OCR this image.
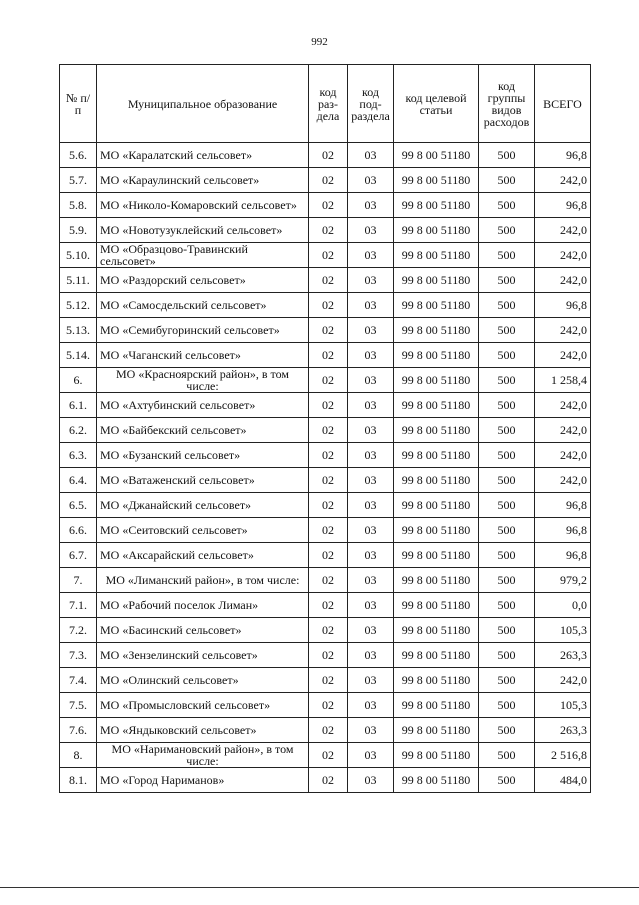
992
№ п/п	Муниципальное образование	код раз-дела	код под-раздела	код целевой статьи	код группы видов расходов	ВСЕГО
5.6.	МО «Каралатский сельсовет»	02	03	99 8 00 51180	500	96,8
5.7.	МО «Караулинский сельсовет»	02	03	99 8 00 51180	500	242,0
5.8.	МО «Николо-Комаровский сельсовет»	02	03	99 8 00 51180	500	96,8
5.9.	МО «Новотузуклейский сельсовет»	02	03	99 8 00 51180	500	242,0
5.10.	МО «Образцово-Травинский сельсовет»	02	03	99 8 00 51180	500	242,0
5.11.	МО «Раздорский сельсовет»	02	03	99 8 00 51180	500	242,0
5.12.	МО «Самосдельский сельсовет»	02	03	99 8 00 51180	500	96,8
5.13.	МО «Семибугоринский сельсовет»	02	03	99 8 00 51180	500	242,0
5.14.	МО «Чаганский сельсовет»	02	03	99 8 00 51180	500	242,0
6.	МО «Красноярский район», в том числе:	02	03	99 8 00 51180	500	1 258,4
6.1.	МО «Ахтубинский сельсовет»	02	03	99 8 00 51180	500	242,0
6.2.	МО «Байбекский сельсовет»	02	03	99 8 00 51180	500	242,0
6.3.	МО «Бузанский сельсовет»	02	03	99 8 00 51180	500	242,0
6.4.	МО «Ватаженский сельсовет»	02	03	99 8 00 51180	500	242,0
6.5.	МО «Джанайский сельсовет»	02	03	99 8 00 51180	500	96,8
6.6.	МО «Сеитовский сельсовет»	02	03	99 8 00 51180	500	96,8
6.7.	МО «Аксарайский сельсовет»	02	03	99 8 00 51180	500	96,8
7.	МО «Лиманский район», в том числе:	02	03	99 8 00 51180	500	979,2
7.1.	МО «Рабочий поселок Лиман»	02	03	99 8 00 51180	500	0,0
7.2.	МО «Басинский сельсовет»	02	03	99 8 00 51180	500	105,3
7.3.	МО «Зензелинский сельсовет»	02	03	99 8 00 51180	500	263,3
7.4.	МО «Олинский сельсовет»	02	03	99 8 00 51180	500	242,0
7.5.	МО «Промысловский сельсовет»	02	03	99 8 00 51180	500	105,3
7.6.	МО «Яндыковский сельсовет»	02	03	99 8 00 51180	500	263,3
8.	МО «Наримановский район», в том числе:	02	03	99 8 00 51180	500	2 516,8
8.1.	МО «Город Нариманов»	02	03	99 8 00 51180	500	484,0
